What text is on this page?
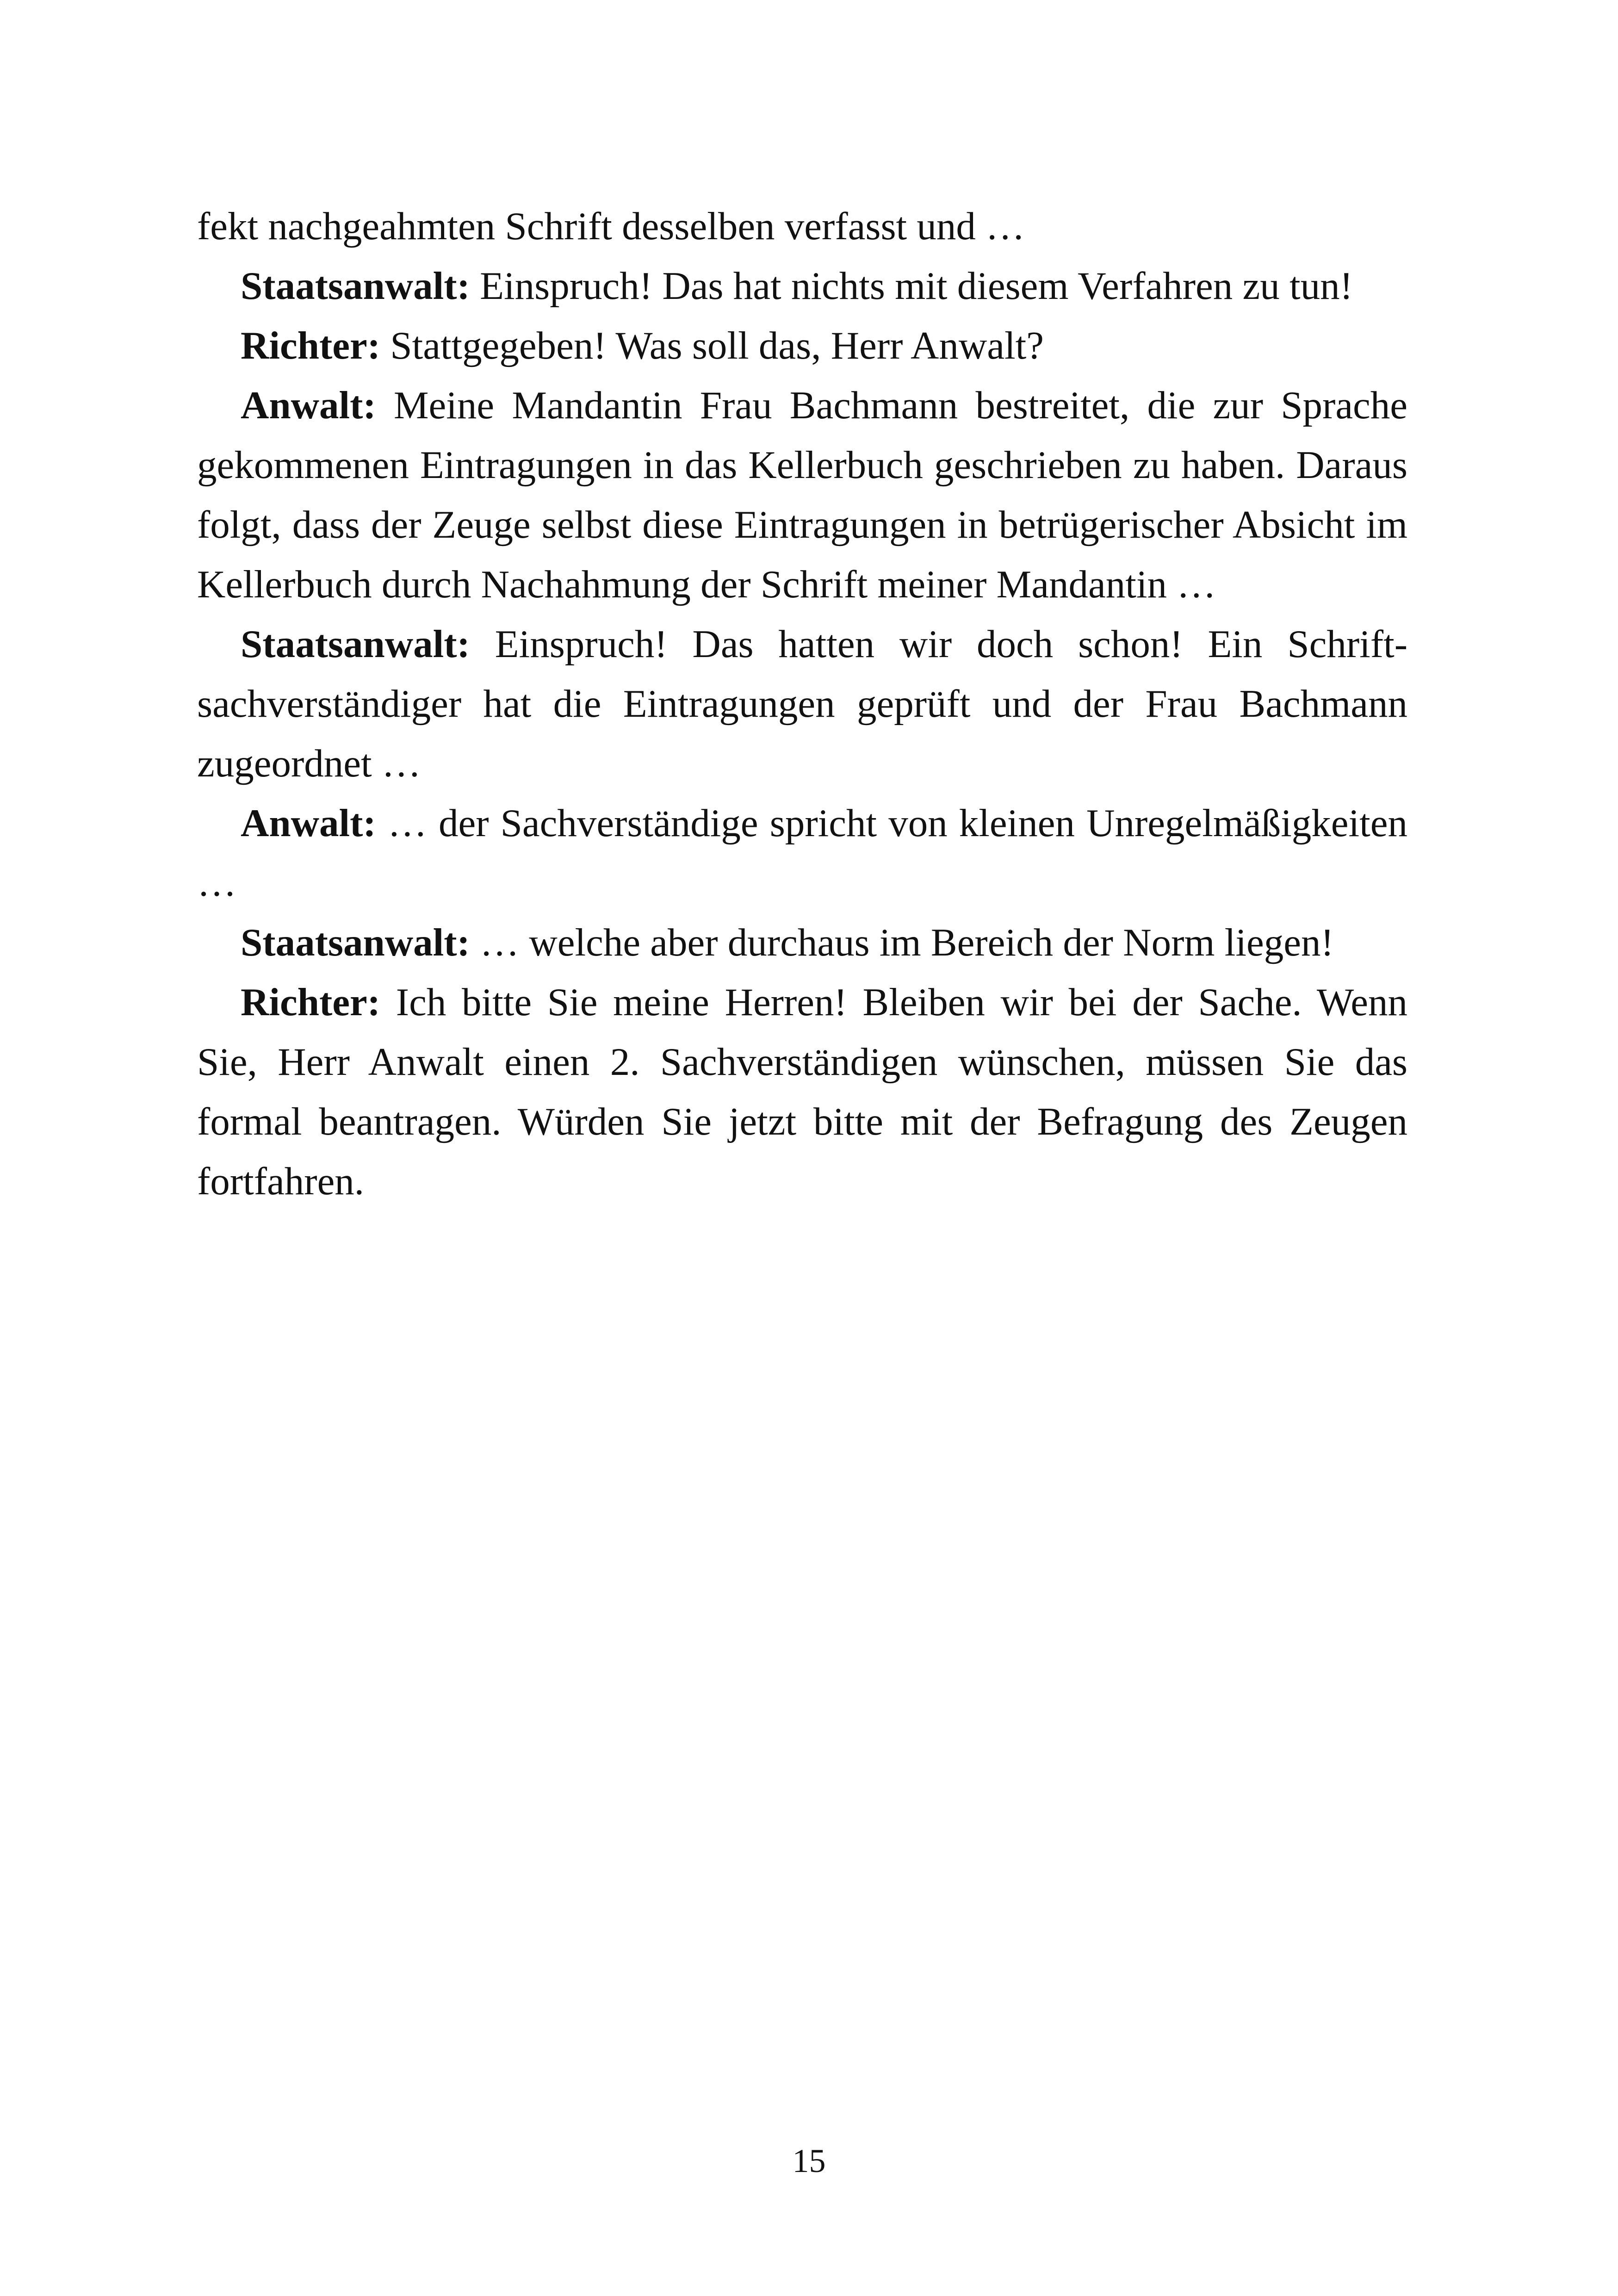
fekt nachgeahmten Schrift desselben verfasst und …

Staatsanwalt: Einspruch! Das hat nichts mit diesem Verfahren zu tun!

Richter: Stattgegeben! Was soll das, Herr Anwalt?

Anwalt: Meine Mandantin Frau Bachmann bestreitet, die zur Sprache gekommenen Eintragungen in das Kellerbuch geschrieben zu haben. Daraus folgt, dass der Zeuge selbst diese Eintragungen in betrügerischer Absicht im Kellerbuch durch Nachahmung der Schrift meiner Mandantin …

Staatsanwalt: Einspruch! Das hatten wir doch schon! Ein Schriftsachverständiger hat die Eintragungen geprüft und der Frau Bachmann zugeordnet …

Anwalt: … der Sachverständige spricht von kleinen Unregelmäßigkeiten …

Staatsanwalt: … welche aber durchaus im Bereich der Norm liegen!

Richter: Ich bitte Sie meine Herren! Bleiben wir bei der Sache. Wenn Sie, Herr Anwalt einen 2. Sachverständigen wünschen, müssen Sie das formal beantragen. Würden Sie jetzt bitte mit der Befragung des Zeugen fortfahren.

15
